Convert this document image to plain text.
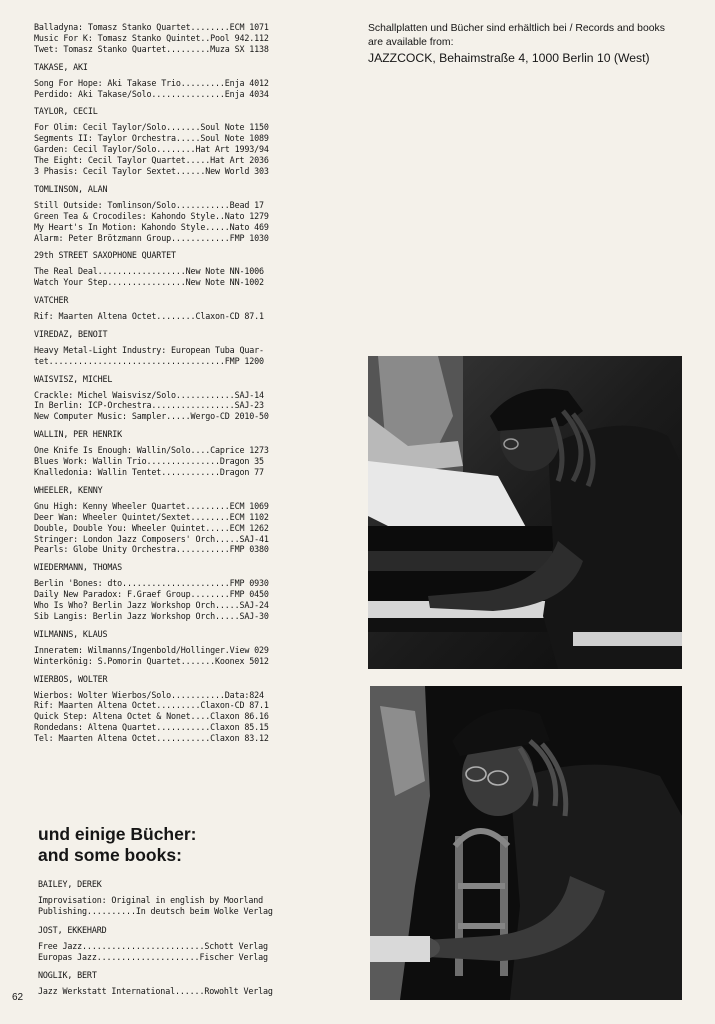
Balladyna: Tomasz Stanko Quartet........ECM 1071
Music For K: Tomasz Stanko Quintet..Pool 942.112
Twet: Tomasz Stanko Quartet.........Muza SX 1138
TAKASE, AKI
Song For Hope: Aki Takase Trio.........Enja 4012
Perdido: Aki Takase/Solo...............Enja 4034
TAYLOR, CECIL
For Olim: Cecil Taylor/Solo.......Soul Note 1150
Segments II: Taylor Orchestra.....Soul Note 1089
Garden: Cecil Taylor/Solo........Hat Art 1993/94
The Eight: Cecil Taylor Quartet.....Hat Art 2036
3 Phasis: Cecil Taylor Sextet......New World 303
TOMLINSON, ALAN
Still Outside: Tomlinson/Solo...........Bead 17
Green Tea & Crocodiles: Kahondo Style..Nato 1279
My Heart's In Motion: Kahondo Style.....Nato 469
Alarm: Peter Brötzmann Group............FMP 1030
29th STREET SAXOPHONE QUARTET
The Real Deal..................New Note NN-1006
Watch Your Step................New Note NN-1002
VATCHER
Rif: Maarten Altena Octet........Claxon-CD 87.1
VIREDAZ, BENOIT
Heavy Metal-Light Industry: European Tuba Quar-
tet....................................FMP 1200
WAISVISZ, MICHEL
Crackle: Michel Waisvisz/Solo............SAJ-14
In Berlin: ICP-Orchestra.................SAJ-23
New Computer Music: Sampler.....Wergo-CD 2010-50
WALLIN, PER HENRIK
One Knife Is Enough: Wallin/Solo....Caprice 1273
Blues Work: Wallin Trio...............Dragon 35
Knalledonia: Wallin Tentet............Dragon 77
WHEELER, KENNY
Gnu High: Kenny Wheeler Quartet.........ECM 1069
Deer Wan: Wheeler Quintet/Sextet........ECM 1102
Double, Double You: Wheeler Quintet.....ECM 1262
Stringer: London Jazz Composers' Orch.....SAJ-41
Pearls: Globe Unity Orchestra...........FMP 0380
WIEDERMANN, THOMAS
Berlin 'Bones: dto......................FMP 0930
Daily New Paradox: F.Graef Group........FMP 0450
Who Is Who? Berlin Jazz Workshop Orch.....SAJ-24
Sib Langis: Berlin Jazz Workshop Orch.....SAJ-30
WILMANNS, KLAUS
Inneratem: Wilmanns/Ingenbold/Hollinger.View 029
Winterkönig: S.Pomorin Quartet.......Koonex 5012
WIERBOS, WOLTER
Wierbos: Wolter Wierbos/Solo...........Data:824
Rif: Maarten Altena Octet.........Claxon-CD 87.1
Quick Step: Altena Octet & Nonet....Claxon 86.16
Rondedans: Altena Quartet...........Claxon 85.15
Tel: Maarten Altena Octet...........Claxon 83.12
und einige Bücher:
and some books:
BAILEY, DEREK
Improvisation: Original in english by Moorland
Publishing..........In deutsch beim Wolke Verlag
JOST, EKKEHARD
Free Jazz.........................Schott Verlag
Europas Jazz.....................Fischer Verlag
NOGLIK, BERT
Jazz Werkstatt International......Rowohlt Verlag
62
Schallplatten und Bücher sind erhältlich bei / Records and books
are available from:
JAZZCOCK, Behaimstraße 4, 1000 Berlin 10 (West)
